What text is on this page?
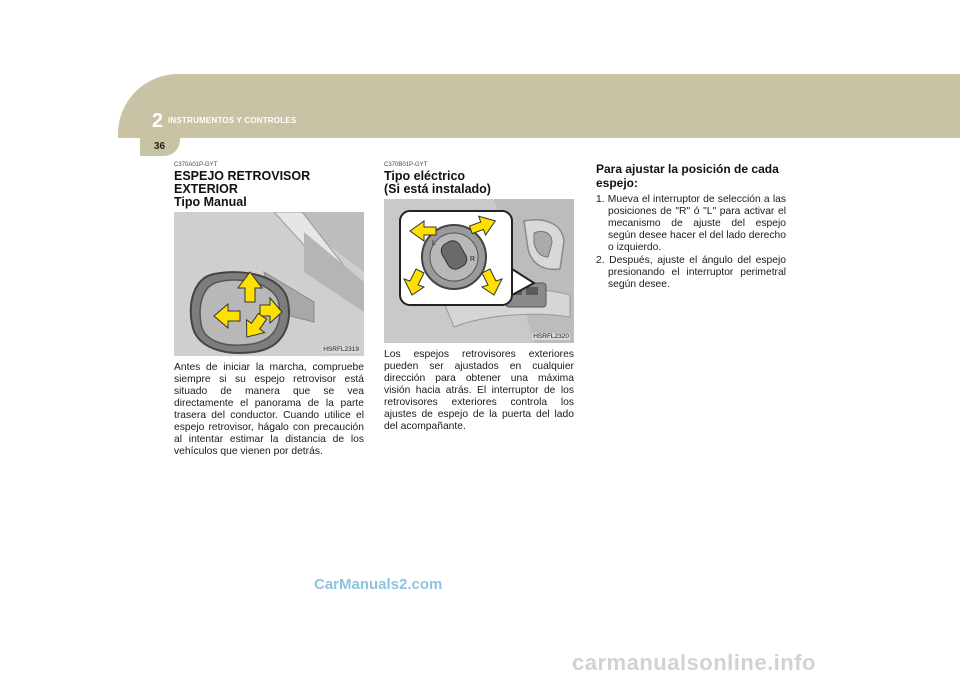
2 INSTRUMENTOS Y CONTROLES
36
C370A01P-GYT
ESPEJO RETROVISOR
EXTERIOR
Tipo Manual
HSRFL2319
Antes de iniciar la marcha, compruebe siempre si su espejo retrovisor está situado de manera que se vea directamente el panorama de la parte trasera del conductor. Cuando utilice el espejo retrovisor, hágalo con precaución al intentar estimar la distancia de los vehículos que vienen por detrás.
C370B01P-GYT
Tipo eléctrico
(Si está instalado)
L
R
HSRFL2320
Los espejos retrovisores exteriores pueden ser ajustados en cualquier dirección para obtener una máxima visión hacia atrás. El interruptor de los retrovisores exteriores controla los ajustes de espejo de la puerta del lado del acompañante.
Para ajustar la posición de cada espejo:
1. Mueva el interruptor de selección a las posiciones de "R" ó "L" para activar el mecanismo de ajuste del espejo según desee hacer el del lado derecho o izquierdo.
2. Después, ajuste el ángulo del espejo presionando el interruptor perimetral según desee.
CarManuals2.com
carmanualsonline.info
